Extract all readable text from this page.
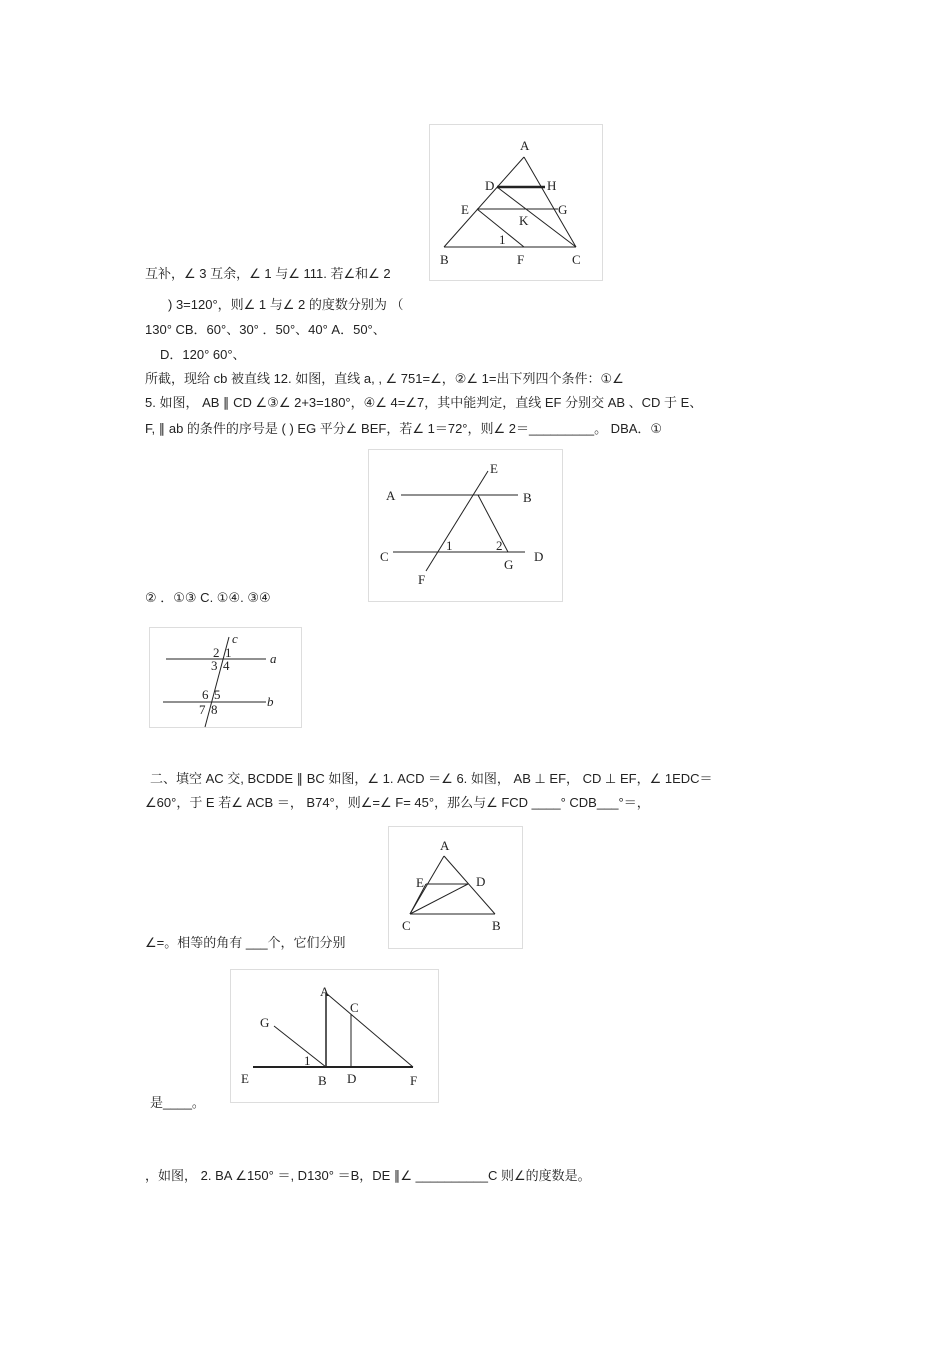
互补，∠ 3 互余，∠ 1 与∠ 111. 若∠和∠ 2
) 3=120°，则∠ 1 与∠ 2 的度数分别为 （
130° CB．60°、30° ．50°、40° A．50°、
D．120° 60°、
所截，现给 cb 被直线 12. 如图，直线 a, , ∠ 751=∠，②∠ 1=出下列四个条件：①∠
5. 如图， AB ∥ CD ∠③∠ 2+3=180°，④∠ 4=∠7，其中能判定，直线 EF 分别交 AB 、CD 于 E、
F, ∥ ab 的条件的序号是 ( ) EG 平分∠ BEF，若∠ 1＝72°，则∠ 2＝_________。 DBA．①
② ．①③ C. ①④. ③④
二、填空 AC 交, BCDDE ∥ BC 如图，∠ 1. ACD ＝∠ 6. 如图， AB ⊥ EF， CD ⊥ EF，∠ 1EDC＝
∠60°，于 E 若∠ ACB ＝， B74°，则∠=∠ F= 45°，那么与∠ FCD ____° CDB___°＝，
∠=。相等的角有 ___个，它们分别
是____。
，如图， 2. BA ∠150° ＝, D130° ＝B，DE ∥∠ __________C 则∠的度数是。
A
D	H
E	G
K
1
B	F	C
E
A	B
C
1	2
D
F
G
c
2 1
3 4	a
6 5	b
7 8
A
E	D
C	B
A
C
G
1
E	B D	F
